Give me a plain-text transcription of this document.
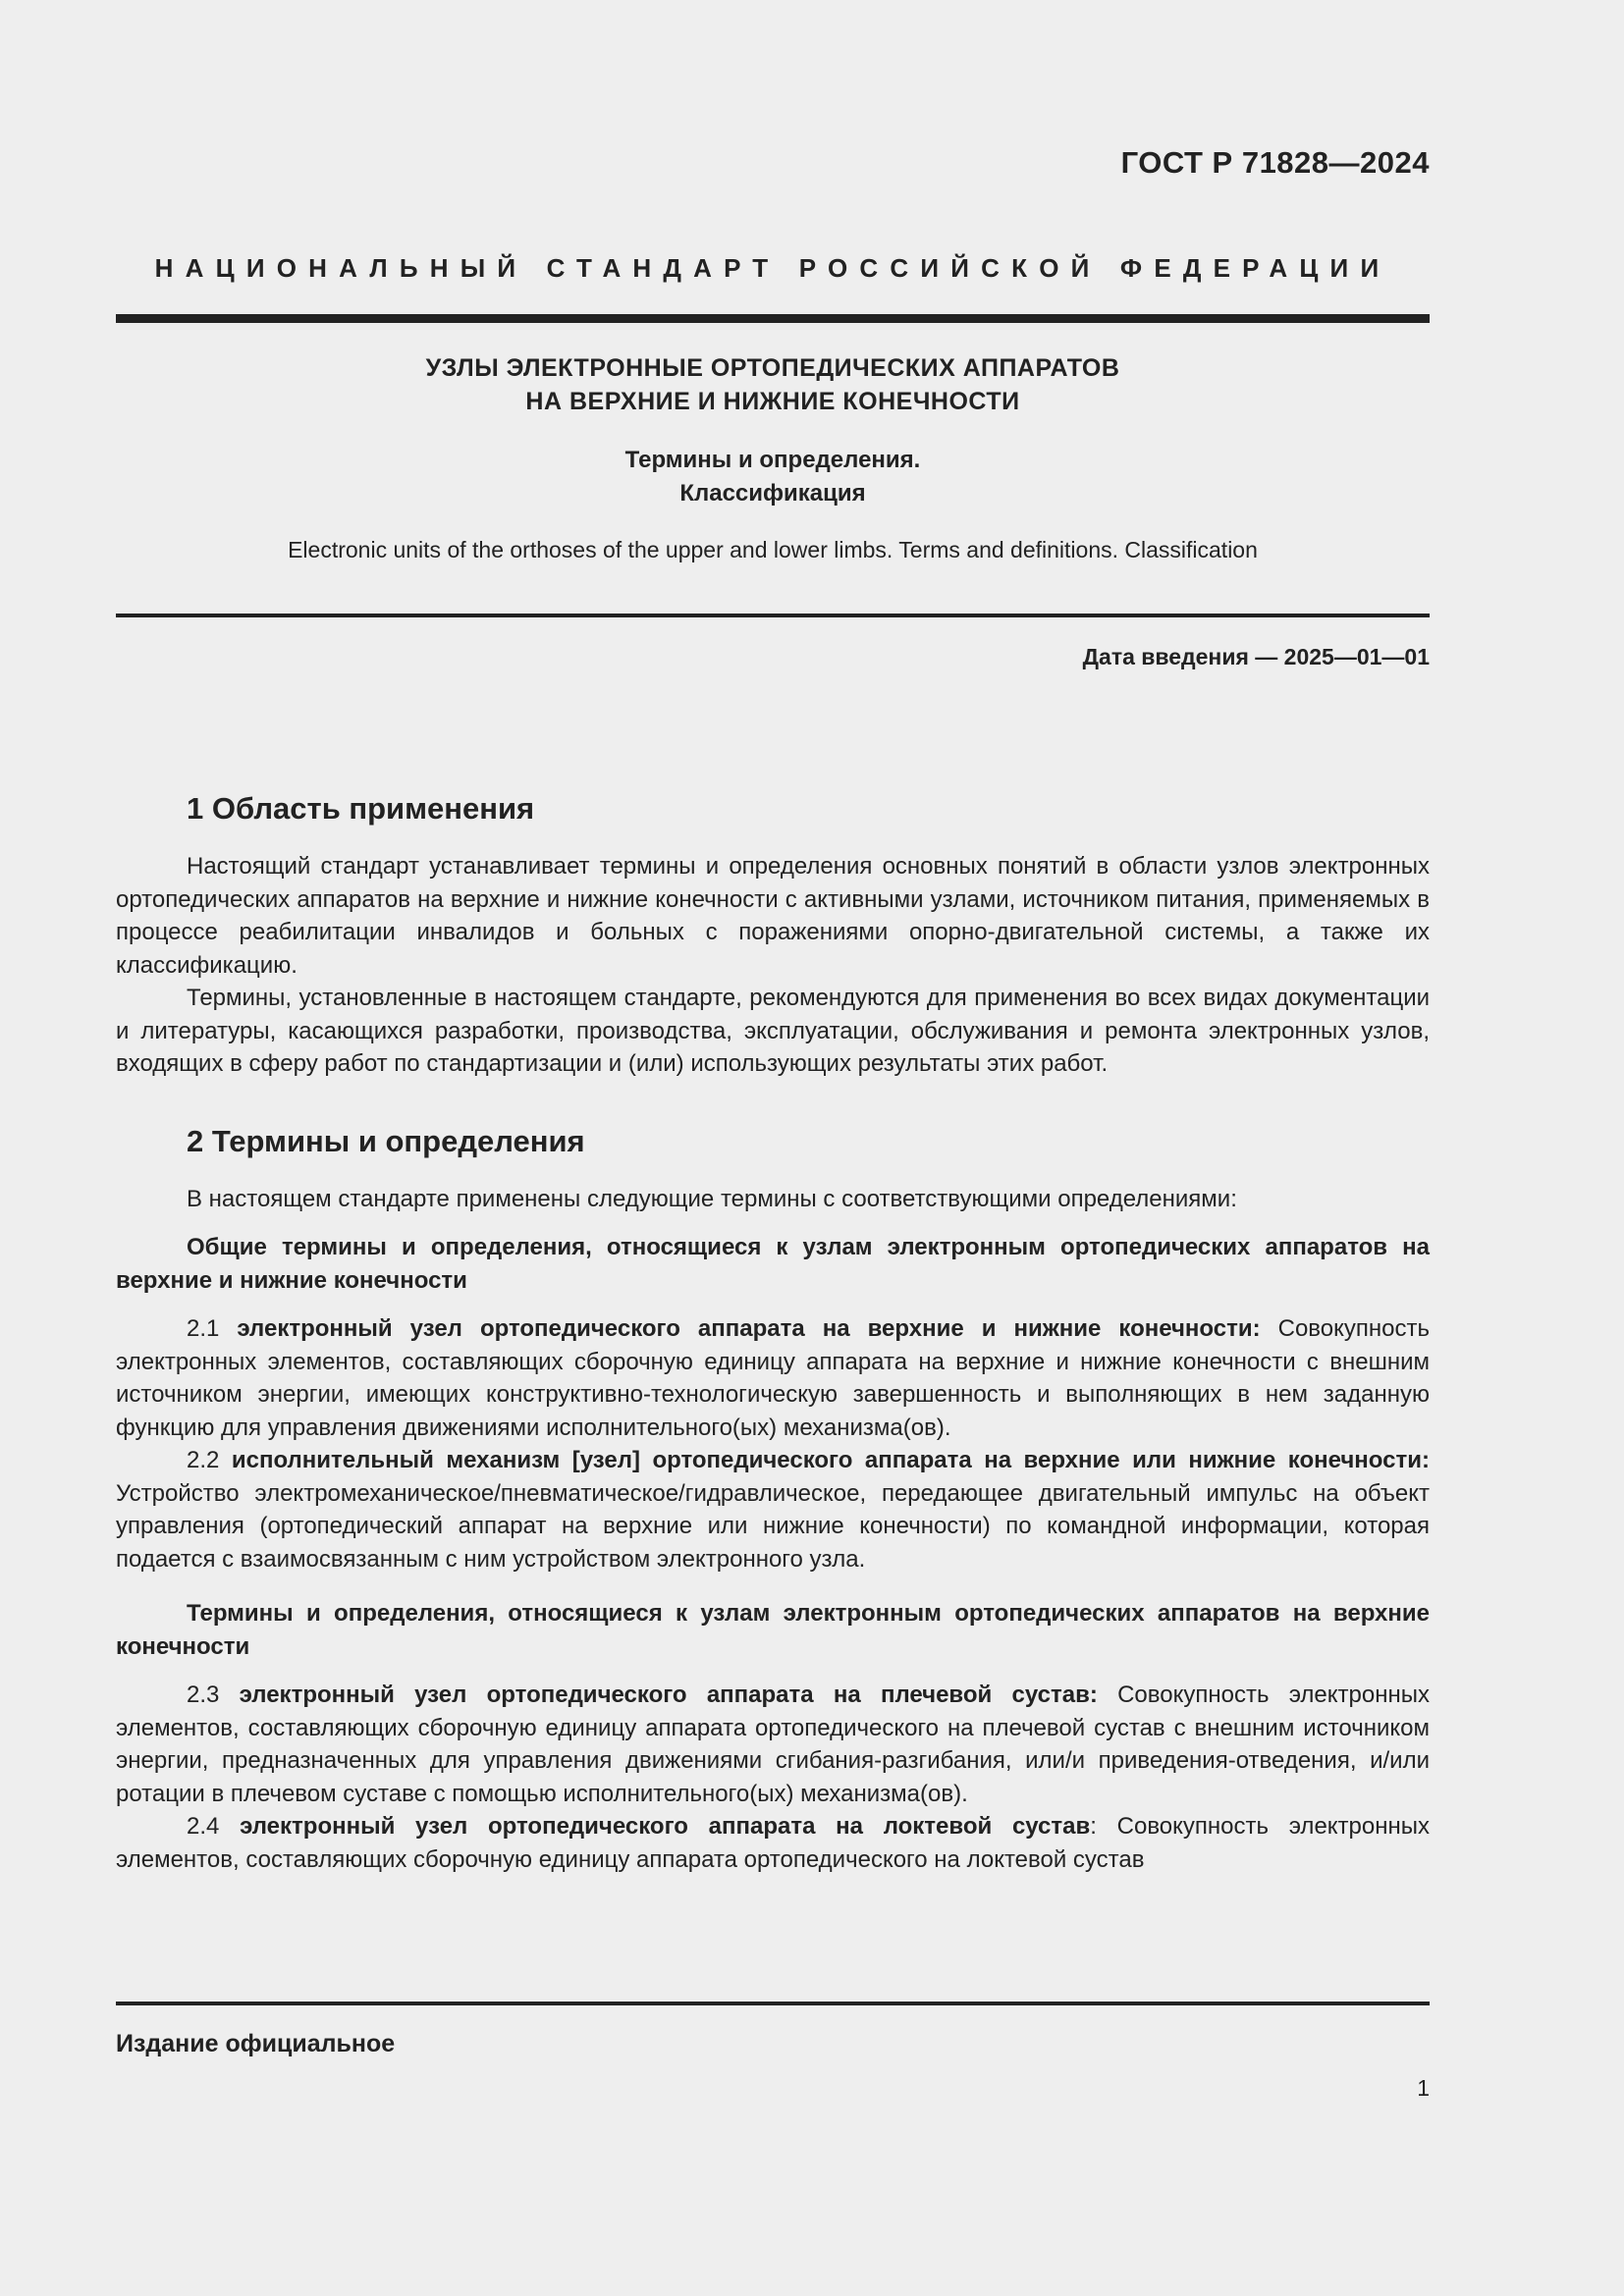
ГОСТ Р 71828—2024
НАЦИОНАЛЬНЫЙ СТАНДАРТ РОССИЙСКОЙ ФЕДЕРАЦИИ
УЗЛЫ ЭЛЕКТРОННЫЕ ОРТОПЕДИЧЕСКИХ АППАРАТОВ
НА ВЕРХНИЕ И НИЖНИЕ КОНЕЧНОСТИ
Термины и определения.
Классификация
Electronic units of the orthoses of the upper and lower limbs. Terms and definitions. Classification
Дата введения — 2025—01—01
1 Область применения

Настоящий стандарт устанавливает термины и определения основных понятий в области узлов электронных ортопедических аппаратов на верхние и нижние конечности с активными узлами, источником питания, применяемых в процессе реабилитации инвалидов и больных с поражениями опорно-двигательной системы, а также их классификацию.

Термины, установленные в настоящем стандарте, рекомендуются для применения во всех видах документации и литературы, касающихся разработки, производства, эксплуатации, обслуживания и ремонта электронных узлов, входящих в сферу работ по стандартизации и (или) использующих результаты этих работ.

2 Термины и определения

В настоящем стандарте применены следующие термины с соответствующими определениями:

Общие термины и определения, относящиеся к узлам электронным ортопедических аппаратов на верхние и нижние конечности

2.1 электронный узел ортопедического аппарата на верхние и нижние конечности: Совокупность электронных элементов, составляющих сборочную единицу аппарата на верхние и нижние конечности с внешним источником энергии, имеющих конструктивно-технологическую завершенность и выполняющих в нем заданную функцию для управления движениями исполнительного(ых) механизма(ов).

2.2 исполнительный механизм [узел] ортопедического аппарата на верхние или нижние конечности: Устройство электромеханическое/пневматическое/гидравлическое, передающее двигательный импульс на объект управления (ортопедический аппарат на верхние или нижние конечности) по командной информации, которая подается с взаимосвязанным с ним устройством электронного узла.

Термины и определения, относящиеся к узлам электронным ортопедических аппаратов на верхние конечности

2.3 электронный узел ортопедического аппарата на плечевой сустав: Совокупность электронных элементов, составляющих сборочную единицу аппарата ортопедического на плечевой сустав с внешним источником энергии, предназначенных для управления движениями сгибания-разгибания, или/и приведения-отведения, и/или ротации в плечевом суставе с помощью исполнительного(ых) механизма(ов).

2.4 электронный узел ортопедического аппарата на локтевой сустав: Совокупность электронных элементов, составляющих сборочную единицу аппарата ортопедического на локтевой сустав

Издание официальное
1
